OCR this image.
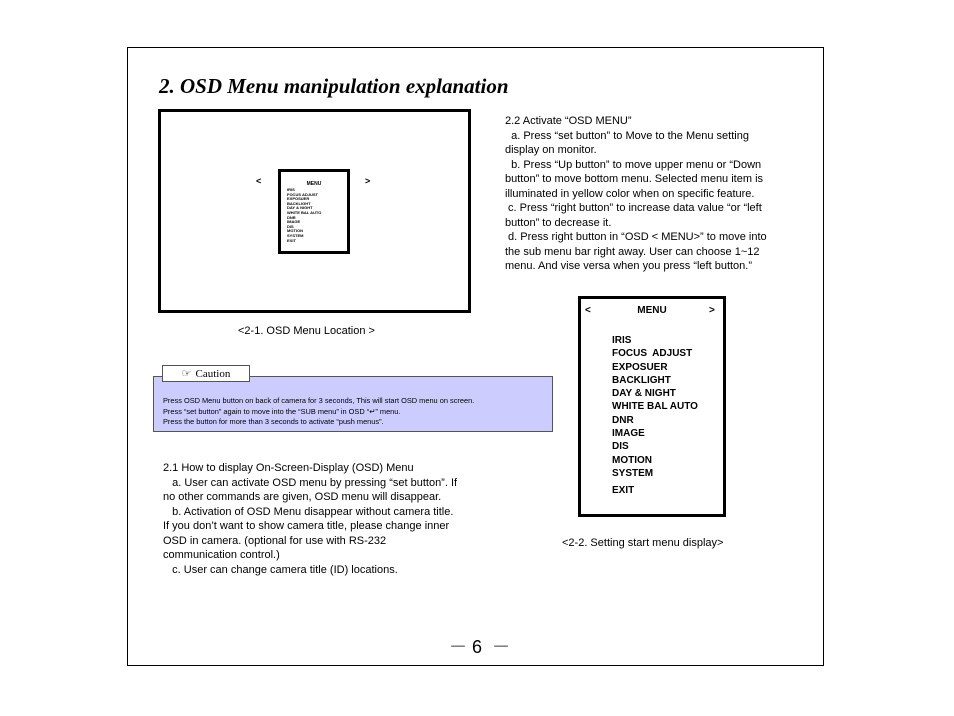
2. OSD Menu manipulation explanation
<	>
MENU
IRIS
FOCUS ADJUST
EXPOSUER
BACKLIGHT
DAY & NIGHT
WHITE BAL AUTO
DNR
IMAGE
DIS
MOTION
SYSTEM
EXIT
<2-1. OSD Menu Location >
☞ Caution
Press OSD Menu button on back of camera for 3 seconds, This will start OSD menu on screen.
Press “set button” again to move into the “SUB menu” in OSD “↵” menu.
Press the button for more than 3 seconds to activate “push menus”.
2.1 How to display On-Screen-Display (OSD) Menu
a. User can activate OSD menu by pressing “set button”. If
no other commands are given, OSD menu will disappear.
b. Activation of OSD Menu disappear without camera title.
If you don’t want to show camera title, please change inner
OSD in camera. (optional for use with RS-232
communication control.)
c. User can change camera title (ID) locations.
2.2 Activate “OSD MENU”
a. Press “set button” to Move to the Menu setting
display on monitor.
b. Press “Up button” to move upper menu or “Down
button” to move bottom menu. Selected menu item is
illuminated in yellow color when on specific feature.
c. Press “right button” to increase data value “or “left
button” to decrease it.
d. Press right button in “OSD < MENU>” to move into
the sub menu bar right away. User can choose 1~12
menu. And vise versa when you press “left button.”
<	MENU	>
IRIS
FOCUS  ADJUST
EXPOSUER
BACKLIGHT
DAY & NIGHT
WHITE BAL AUTO
DNR
IMAGE
DIS
MOTION
SYSTEM
EXIT
<2-2. Setting start menu display>
－ 6  －
